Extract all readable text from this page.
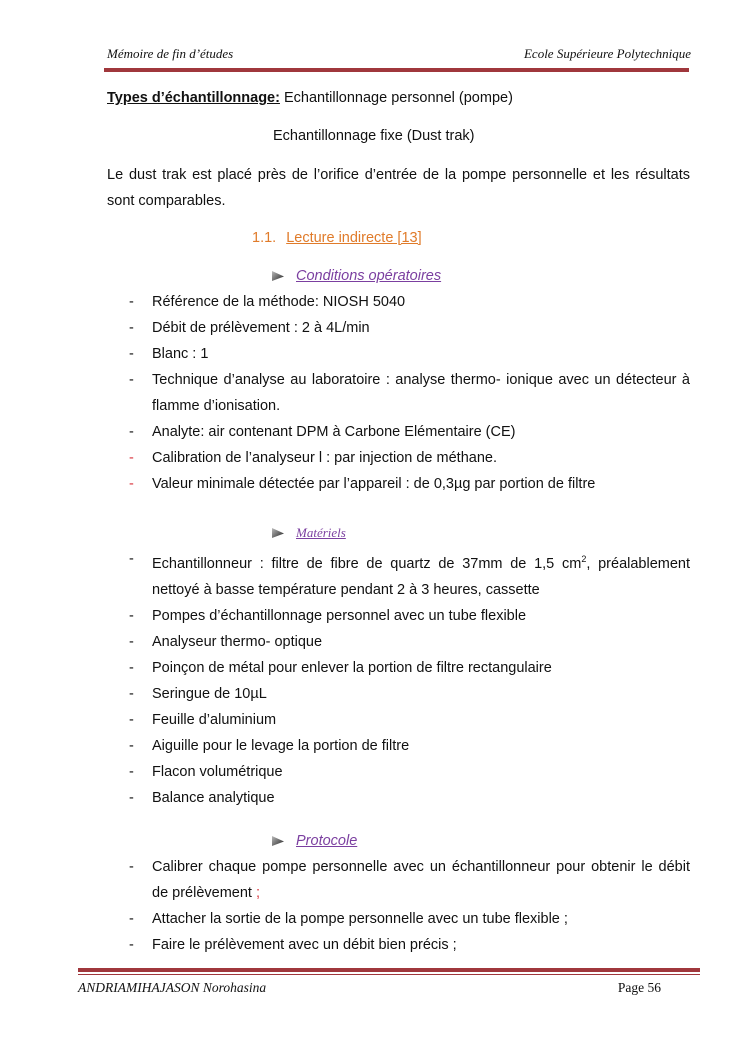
Mémoire de fin d’études	Ecole Supérieure Polytechnique
Types d’échantillonnage: Echantillonnage personnel (pompe)
Echantillonnage fixe (Dust trak)
Le dust trak est placé près de l’orifice d’entrée de la pompe personnelle et les résultats sont comparables.
1.1. Lecture indirecte [13]
Conditions opératoires
- Référence de la méthode: NIOSH 5040
- Débit de prélèvement : 2 à 4L/min
- Blanc : 1
- Technique d’analyse au laboratoire : analyse thermo- ionique avec un détecteur à flamme d’ionisation.
- Analyte: air contenant DPM à Carbone Elémentaire (CE)
- Calibration de l’analyseur l : par injection de méthane.
- Valeur minimale détectée par l’appareil : de 0,3µg par portion de filtre
Matériels
- Echantillonneur : filtre de fibre de quartz de 37mm de 1,5 $cm^2$, préalablement nettoyé à basse température pendant 2 à 3 heures, cassette
- Pompes d’échantillonnage personnel avec un tube flexible
- Analyseur thermo- optique
- Poinçon de métal pour enlever la portion de filtre rectangulaire
- Seringue de 10µL
- Feuille d’aluminium
- Aiguille pour le levage la portion de filtre
- Flacon volumétrique
- Balance analytique
Protocole
- Calibrer chaque pompe personnelle avec un échantillonneur pour obtenir le débit de prélèvement ;
- Attacher la sortie de la pompe personnelle avec un tube flexible ;
- Faire le prélèvement avec un débit bien précis ;
ANDRIAMIHAJASON Norohasina	Page 56
